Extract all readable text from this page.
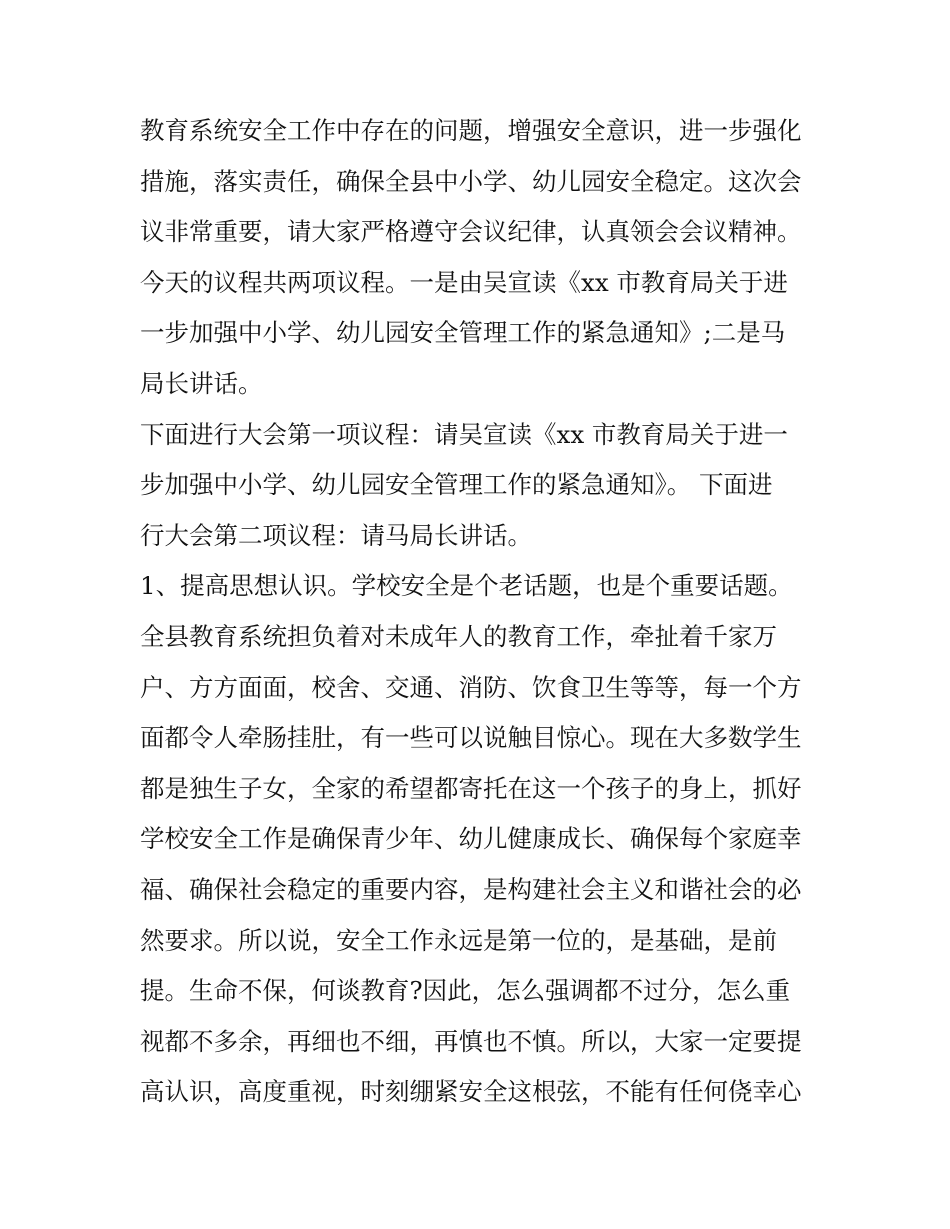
教育系统安全工作中存在的问题，增强安全意识，进一步强化
措施，落实责任，确保全县中小学、幼儿园安全稳定。这次会
议非常重要，请大家严格遵守会议纪律，认真领会会议精神。
今天的议程共两项议程。一是由吴宣读《xx 市教育局关于进
一步加强中小学、幼儿园安全管理工作的紧急通知》;二是马
局长讲话。
下面进行大会第一项议程：请吴宣读《xx 市教育局关于进一
步加强中小学、幼儿园安全管理工作的紧急通知》。 下面进
行大会第二项议程：请马局长讲话。
1、提高思想认识。学校安全是个老话题，也是个重要话题。
全县教育系统担负着对未成年人的教育工作，牵扯着千家万
户、方方面面，校舍、交通、消防、饮食卫生等等，每一个方
面都令人牵肠挂肚，有一些可以说触目惊心。现在大多数学生
都是独生子女，全家的希望都寄托在这一个孩子的身上，抓好
学校安全工作是确保青少年、幼儿健康成长、确保每个家庭幸
福、确保社会稳定的重要内容，是构建社会主义和谐社会的必
然要求。所以说，安全工作永远是第一位的，是基础，是前
提。生命不保，何谈教育?因此，怎么强调都不过分，怎么重
视都不多余，再细也不细，再慎也不慎。所以，大家一定要提
高认识，高度重视，时刻绷紧安全这根弦，不能有任何侥幸心
